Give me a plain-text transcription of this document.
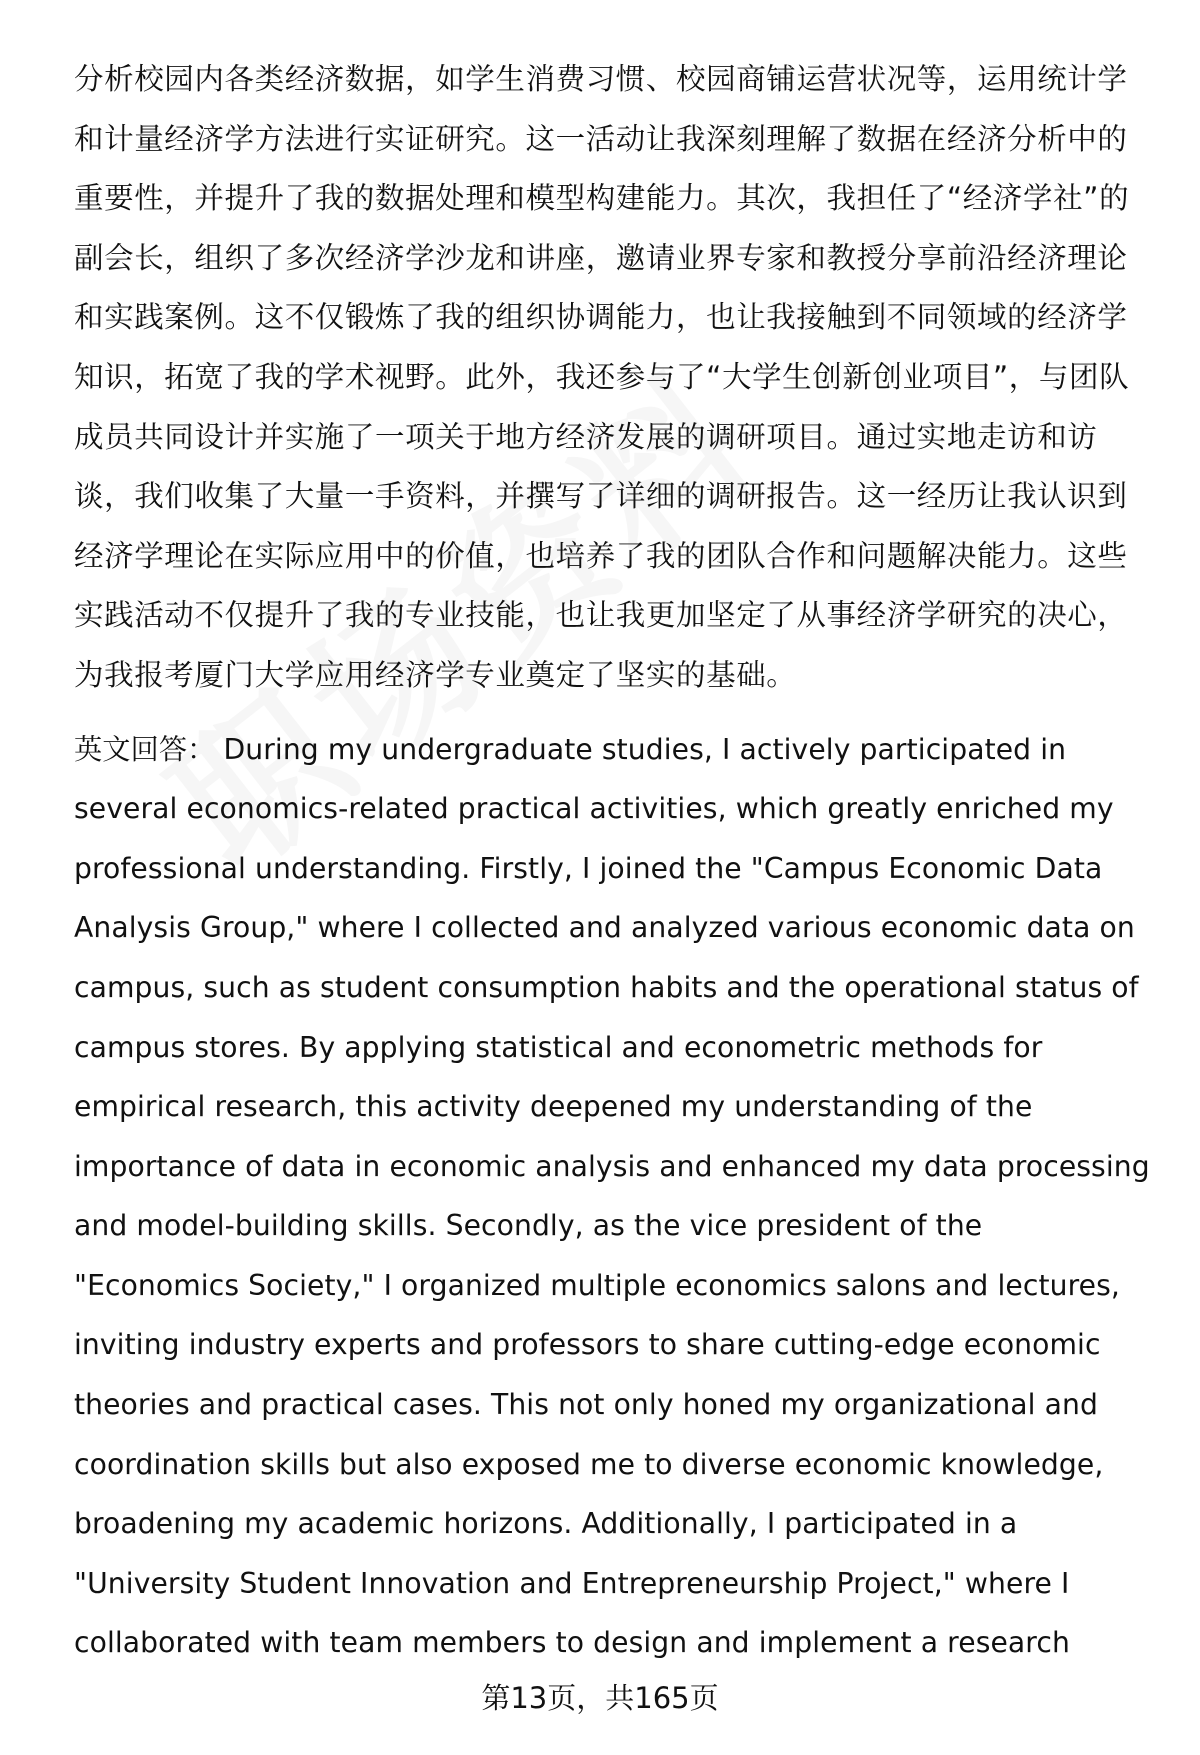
分析校园内各类经济数据，如学生消费习惯、校园商铺运营状况等，运用统计学和计量经济学方法进行实证研究。这一活动让我深刻理解了数据在经济分析中的重要性，并提升了我的数据处理和模型构建能力。其次，我担任了“经济学社”的副会长，组织了多次经济学沙龙和讲座，邀请业界专家和教授分享前沿经济理论和实践案例。这不仅锻炼了我的组织协调能力，也让我接触到不同领域的经济学知识，拓宽了我的学术视野。此外，我还参与了“大学生创新创业项目”，与团队成员共同设计并实施了一项关于地方经济发展的调研项目。通过实地走访和访谈，我们收集了大量一手资料，并撰写了详细的调研报告。这一经历让我认识到经济学理论在实际应用中的价值，也培养了我的团队合作和问题解决能力。这些实践活动不仅提升了我的专业技能，也让我更加坚定了从事经济学研究的决心，为我报考厦门大学应用经济学专业奠定了坚实的基础。

英文回答： During my undergraduate studies, I actively participated in several economics-related practical activities, which greatly enriched my professional understanding. Firstly, I joined the "Campus Economic Data Analysis Group," where I collected and analyzed various economic data on campus, such as student consumption habits and the operational status of campus stores. By applying statistical and econometric methods for empirical research, this activity deepened my understanding of the importance of data in economic analysis and enhanced my data processing and model-building skills. Secondly, as the vice president of the "Economics Society," I organized multiple economics salons and lectures, inviting industry experts and professors to share cutting-edge economic theories and practical cases. This not only honed my organizational and coordination skills but also exposed me to diverse economic knowledge, broadening my academic horizons. Additionally, I participated in a "University Student Innovation and Entrepreneurship Project," where I collaborated with team members to design and implement a research

第13页，共165页
